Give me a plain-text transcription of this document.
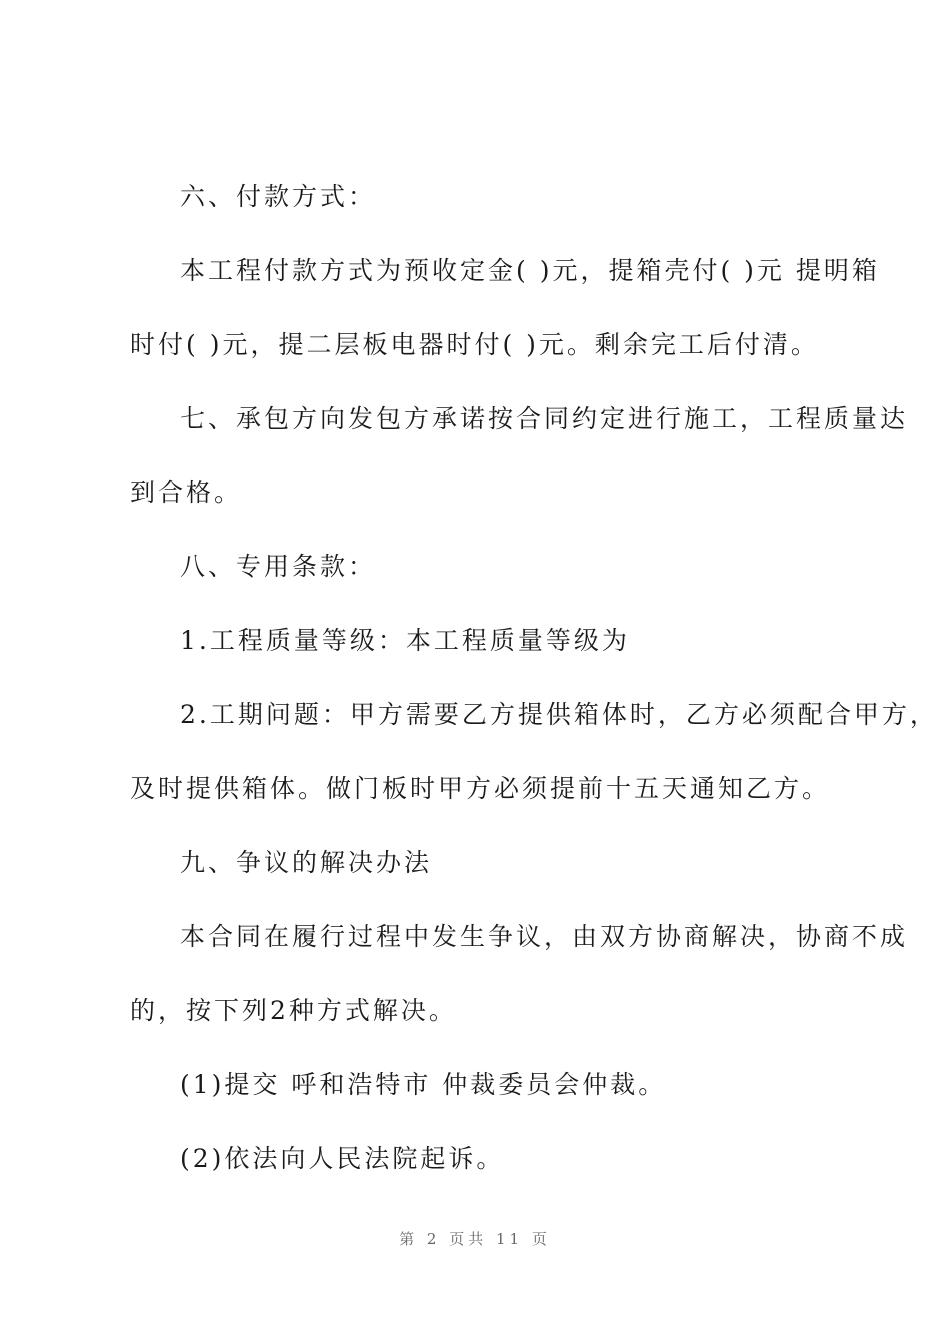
六、付款方式：
本工程付款方式为预收定金( )元，提箱壳付( )元 提明箱
时付( )元，提二层板电器时付( )元。剩余完工后付清。
七、承包方向发包方承诺按合同约定进行施工，工程质量达
到合格。
八、专用条款：
1.工程质量等级：本工程质量等级为
2.工期问题：甲方需要乙方提供箱体时，乙方必须配合甲方，
及时提供箱体。做门板时甲方必须提前十五天通知乙方。
九、争议的解决办法
本合同在履行过程中发生争议，由双方协商解决，协商不成
的，按下列2种方式解决。
(1)提交 呼和浩特市 仲裁委员会仲裁。
(2)依法向人民法院起诉。
第 2 页共 11 页
